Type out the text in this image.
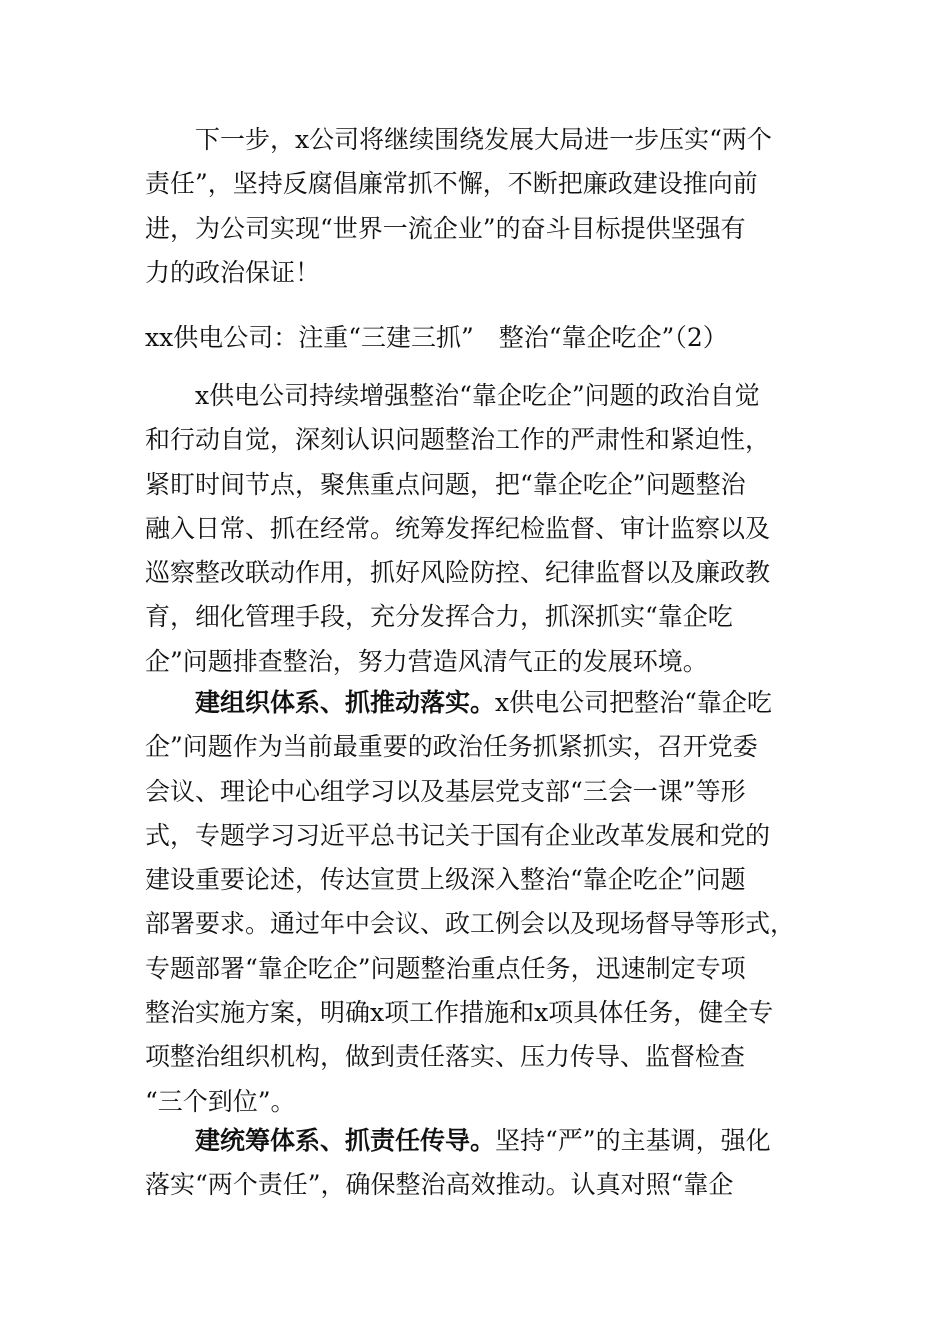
　　下一步，x公司将继续围绕发展大局进一步压实“两个
责任”，坚持反腐倡廉常抓不懈，不断把廉政建设推向前
进，为公司实现“世界一流企业”的奋斗目标提供坚强有
力的政治保证！
xx供电公司：注重“三建三抓”　整治“靠企吃企”（2）
　　x供电公司持续增强整治“靠企吃企”问题的政治自觉
和行动自觉，深刻认识问题整治工作的严肃性和紧迫性，
紧盯时间节点，聚焦重点问题，把“靠企吃企”问题整治
融入日常、抓在经常。统筹发挥纪检监督、审计监察以及
巡察整改联动作用，抓好风险防控、纪律监督以及廉政教
育，细化管理手段，充分发挥合力，抓深抓实“靠企吃
企”问题排查整治，努力营造风清气正的发展环境。
　　建组织体系、抓推动落实。x供电公司把整治“靠企吃
企”问题作为当前最重要的政治任务抓紧抓实，召开党委
会议、理论中心组学习以及基层党支部“三会一课”等形
式，专题学习习近平总书记关于国有企业改革发展和党的
建设重要论述，传达宣贯上级深入整治“靠企吃企”问题
部署要求。通过年中会议、政工例会以及现场督导等形式，
专题部署“靠企吃企”问题整治重点任务，迅速制定专项
整治实施方案，明确x项工作措施和x项具体任务，健全专
项整治组织机构，做到责任落实、压力传导、监督检查
“三个到位”。
　　建统筹体系、抓责任传导。坚持“严”的主基调，强化
落实“两个责任”，确保整治高效推动。认真对照“靠企
